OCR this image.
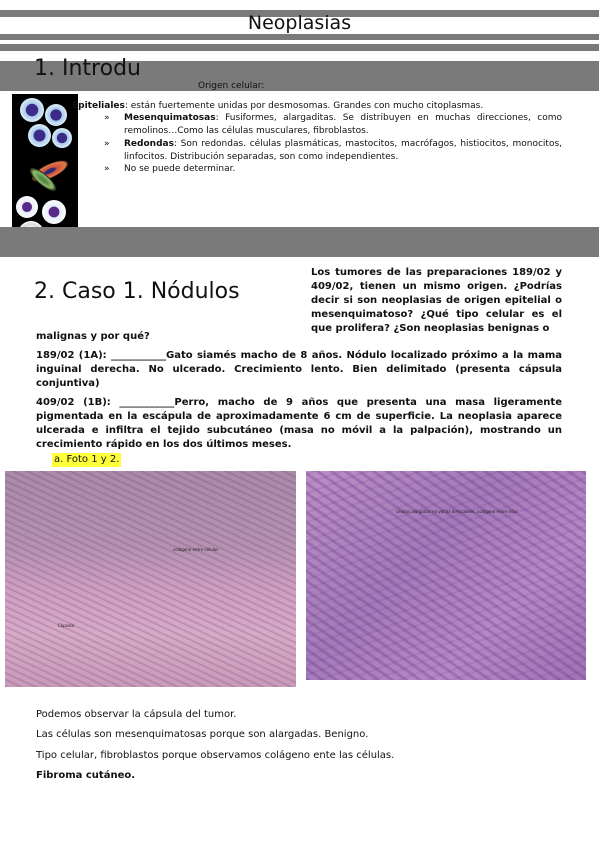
Neoplasias
1. Introdu
Origen celular:
Epiteliales: están fuertemente unidas por desmosomas. Grandes con mucho citoplasmas.
» Mesenquimatosas: Fusiformes, alargaditas. Se distribuyen en muchas direcciones, como remolinos…Como las células musculares, fibroblastos.
» Redondas: Son redondas. células plasmáticas, mastocitos, macrófagos, histiocitos, monocitos, linfocitos. Distribución separadas, son como independientes.
» No se puede determinar.
2. Caso 1. Nódulos
Los tumores de las preparaciones 189/02 y 409/02, tienen un mismo origen. ¿Podrías decir si son neoplasias de origen epitelial o mesenquimatoso? ¿Qué tipo celular es el que prolifera? ¿Son neoplasias benignas o
malignas y por qué?
189/02 (1A): ___________Gato siamés macho de 8 años. Nódulo localizado próximo a la mama inguinal derecha. No ulcerado. Crecimiento lento. Bien delimitado (presenta cápsula conjuntiva)
409/02 (1B): ___________Perro, macho de 9 años que presenta una masa ligeramente pigmentada en la escápula de aproximadamente 6 cm de superficie. La neoplasia aparece ulcerada e infiltra el tejido subcutáneo (masa no móvil a la palpación), mostrando un crecimiento rápido en los dos últimos meses.
a. Foto 1 y 2.
colágeno entre células
Cápsula
células alargadas en varias direcciones, colágeno entre ellas
Podemos observar la cápsula del tumor.
Las células son mesenquimatosas porque son alargadas. Benigno.
Tipo celular, fibroblastos porque observamos colágeno ente las células.
Fibroma cutáneo.
